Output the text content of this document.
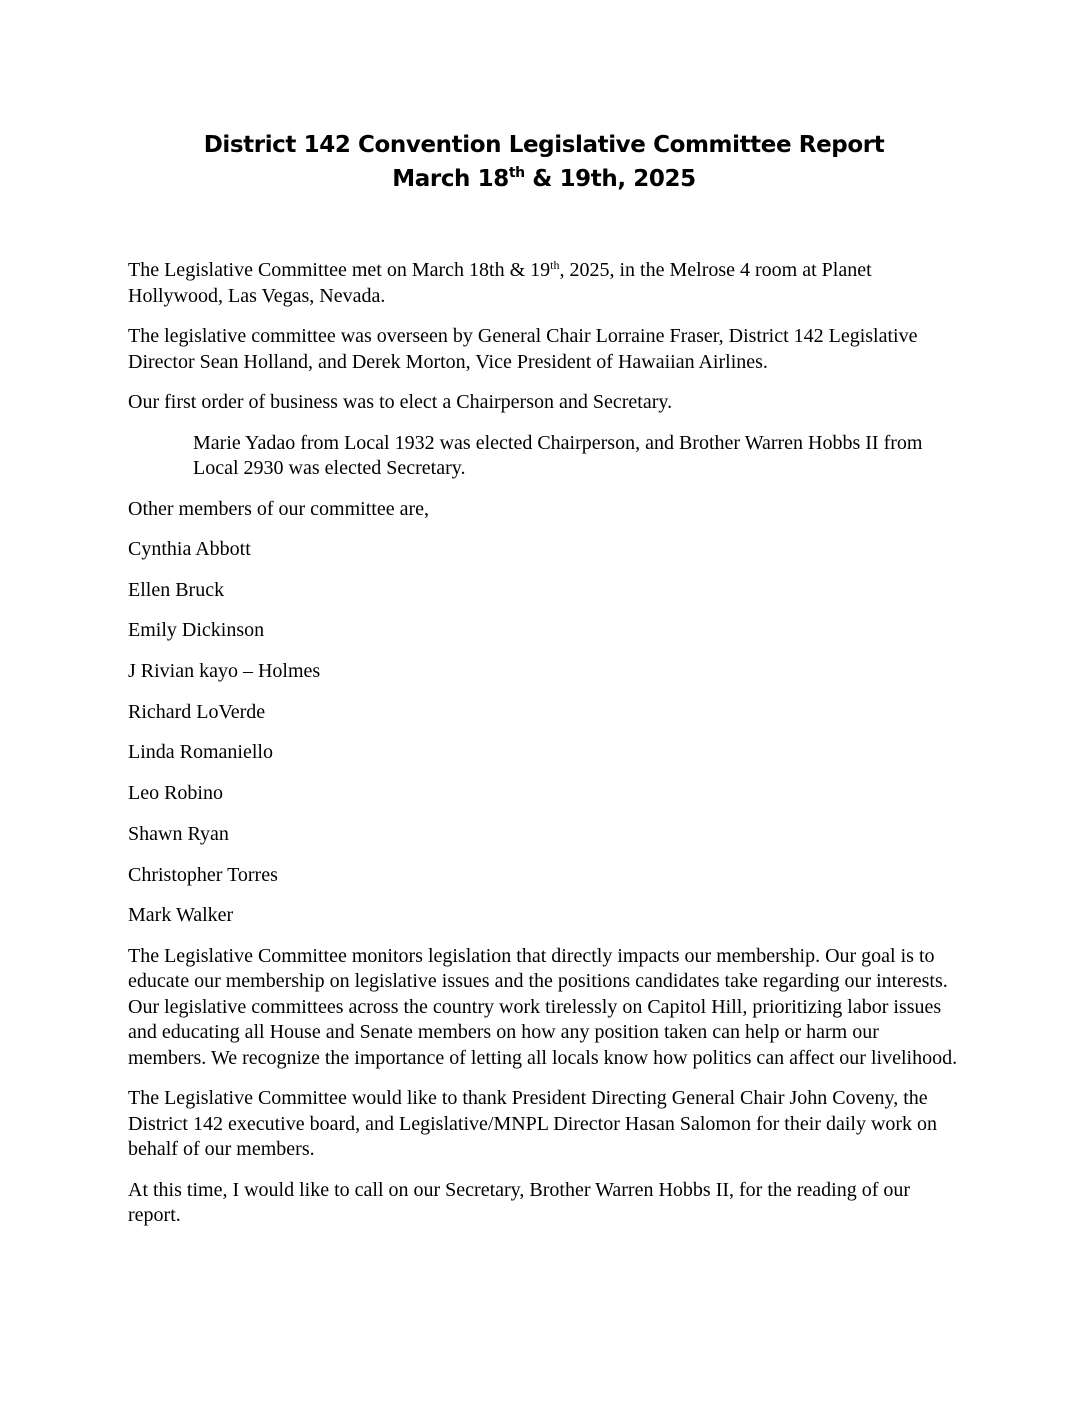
District 142 Convention Legislative Committee Report
March 18th & 19th, 2025

The Legislative Committee met on March 18th & 19th, 2025, in the Melrose 4 room at Planet Hollywood, Las Vegas, Nevada.

The legislative committee was overseen by General Chair Lorraine Fraser, District 142 Legislative Director Sean Holland, and Derek Morton, Vice President of Hawaiian Airlines.

Our first order of business was to elect a Chairperson and Secretary.

Marie Yadao from Local 1932 was elected Chairperson, and Brother Warren Hobbs II from Local 2930 was elected Secretary.

Other members of our committee are,

Cynthia Abbott
Ellen Bruck
Emily Dickinson
J Rivian kayo – Holmes
Richard LoVerde
Linda Romaniello
Leo Robino
Shawn Ryan
Christopher Torres
Mark Walker

The Legislative Committee monitors legislation that directly impacts our membership. Our goal is to educate our membership on legislative issues and the positions candidates take regarding our interests. Our legislative committees across the country work tirelessly on Capitol Hill, prioritizing labor issues and educating all House and Senate members on how any position taken can help or harm our members. We recognize the importance of letting all locals know how politics can affect our livelihood.

The Legislative Committee would like to thank President Directing General Chair John Coveny, the District 142 executive board, and Legislative/MNPL Director Hasan Salomon for their daily work on behalf of our members.

At this time, I would like to call on our Secretary, Brother Warren Hobbs II, for the reading of our report.
